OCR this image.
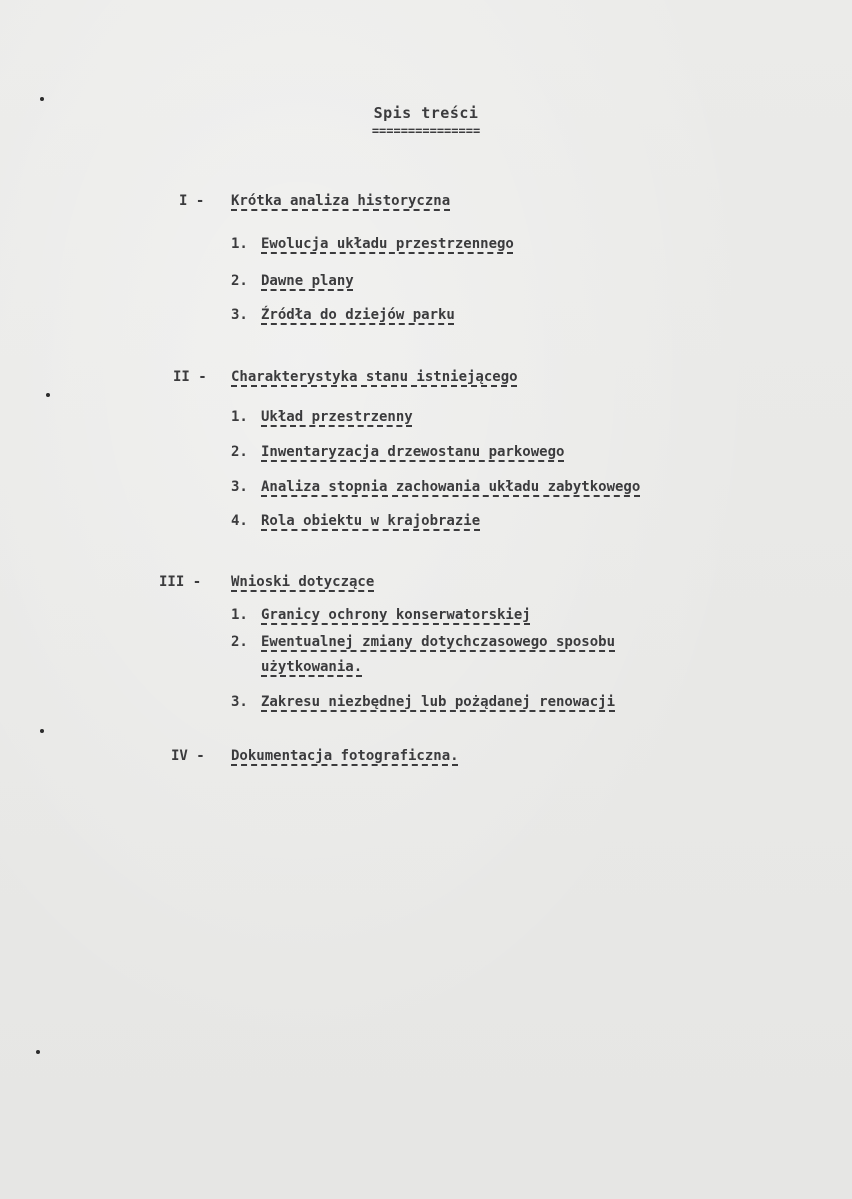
Spis treści
===============
I - Krótka analiza historyczna
1. Ewolucja układu przestrzennego
2. Dawne plany
3. Źródła do dziejów parku
II - Charakterystyka stanu istniejącego
1. Układ przestrzenny
2. Inwentaryzacja drzewostanu parkowego
3. Analiza stopnia zachowania układu zabytkowego
4. Rola obiektu w krajobrazie
III - Wnioski dotyczące
1. Granicy ochrony konserwatorskiej
2. Ewentualnej zmiany dotychczasowego sposobu
użytkowania.
3. Zakresu niezbędnej lub pożądanej renowacji
IV - Dokumentacja fotograficzna.
